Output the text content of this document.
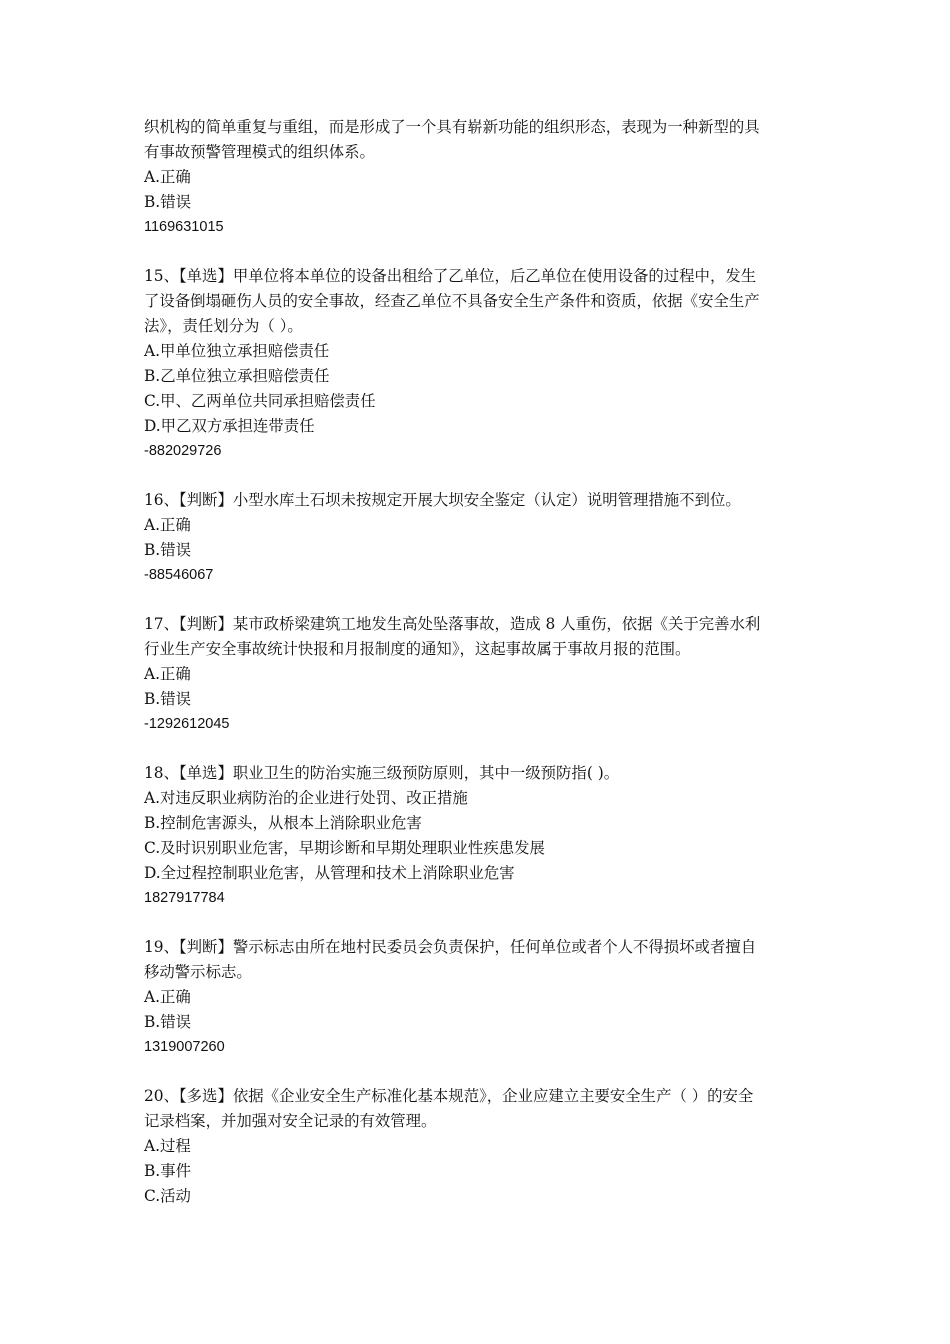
织机构的简单重复与重组，而是形成了一个具有崭新功能的组织形态，表现为一种新型的具
有事故预警管理模式的组织体系。
A.正确
B.错误
1169631015
15、【单选】甲单位将本单位的设备出租给了乙单位，后乙单位在使用设备的过程中，发生
了设备倒塌砸伤人员的安全事故，经查乙单位不具备安全生产条件和资质，依据《安全生产
法》，责任划分为（ ）。
A.甲单位独立承担赔偿责任
B.乙单位独立承担赔偿责任
C.甲、乙两单位共同承担赔偿责任
D.甲乙双方承担连带责任
-882029726
16、【判断】小型水库土石坝未按规定开展大坝安全鉴定（认定）说明管理措施不到位。
A.正确
B.错误
-88546067
17、【判断】某市政桥梁建筑工地发生高处坠落事故，造成 8 人重伤，依据《关于完善水利
行业生产安全事故统计快报和月报制度的通知》，这起事故属于事故月报的范围。
A.正确
B.错误
-1292612045
18、【单选】职业卫生的防治实施三级预防原则，其中一级预防指( )。
A.对违反职业病防治的企业进行处罚、改正措施
B.控制危害源头，从根本上消除职业危害
C.及时识别职业危害，早期诊断和早期处理职业性疾患发展
D.全过程控制职业危害，从管理和技术上消除职业危害
1827917784
19、【判断】警示标志由所在地村民委员会负责保护，任何单位或者个人不得损坏或者擅自
移动警示标志。
A.正确
B.错误
1319007260
20、【多选】依据《企业安全生产标准化基本规范》，企业应建立主要安全生产（ ）的安全
记录档案，并加强对安全记录的有效管理。
A.过程
B.事件
C.活动
